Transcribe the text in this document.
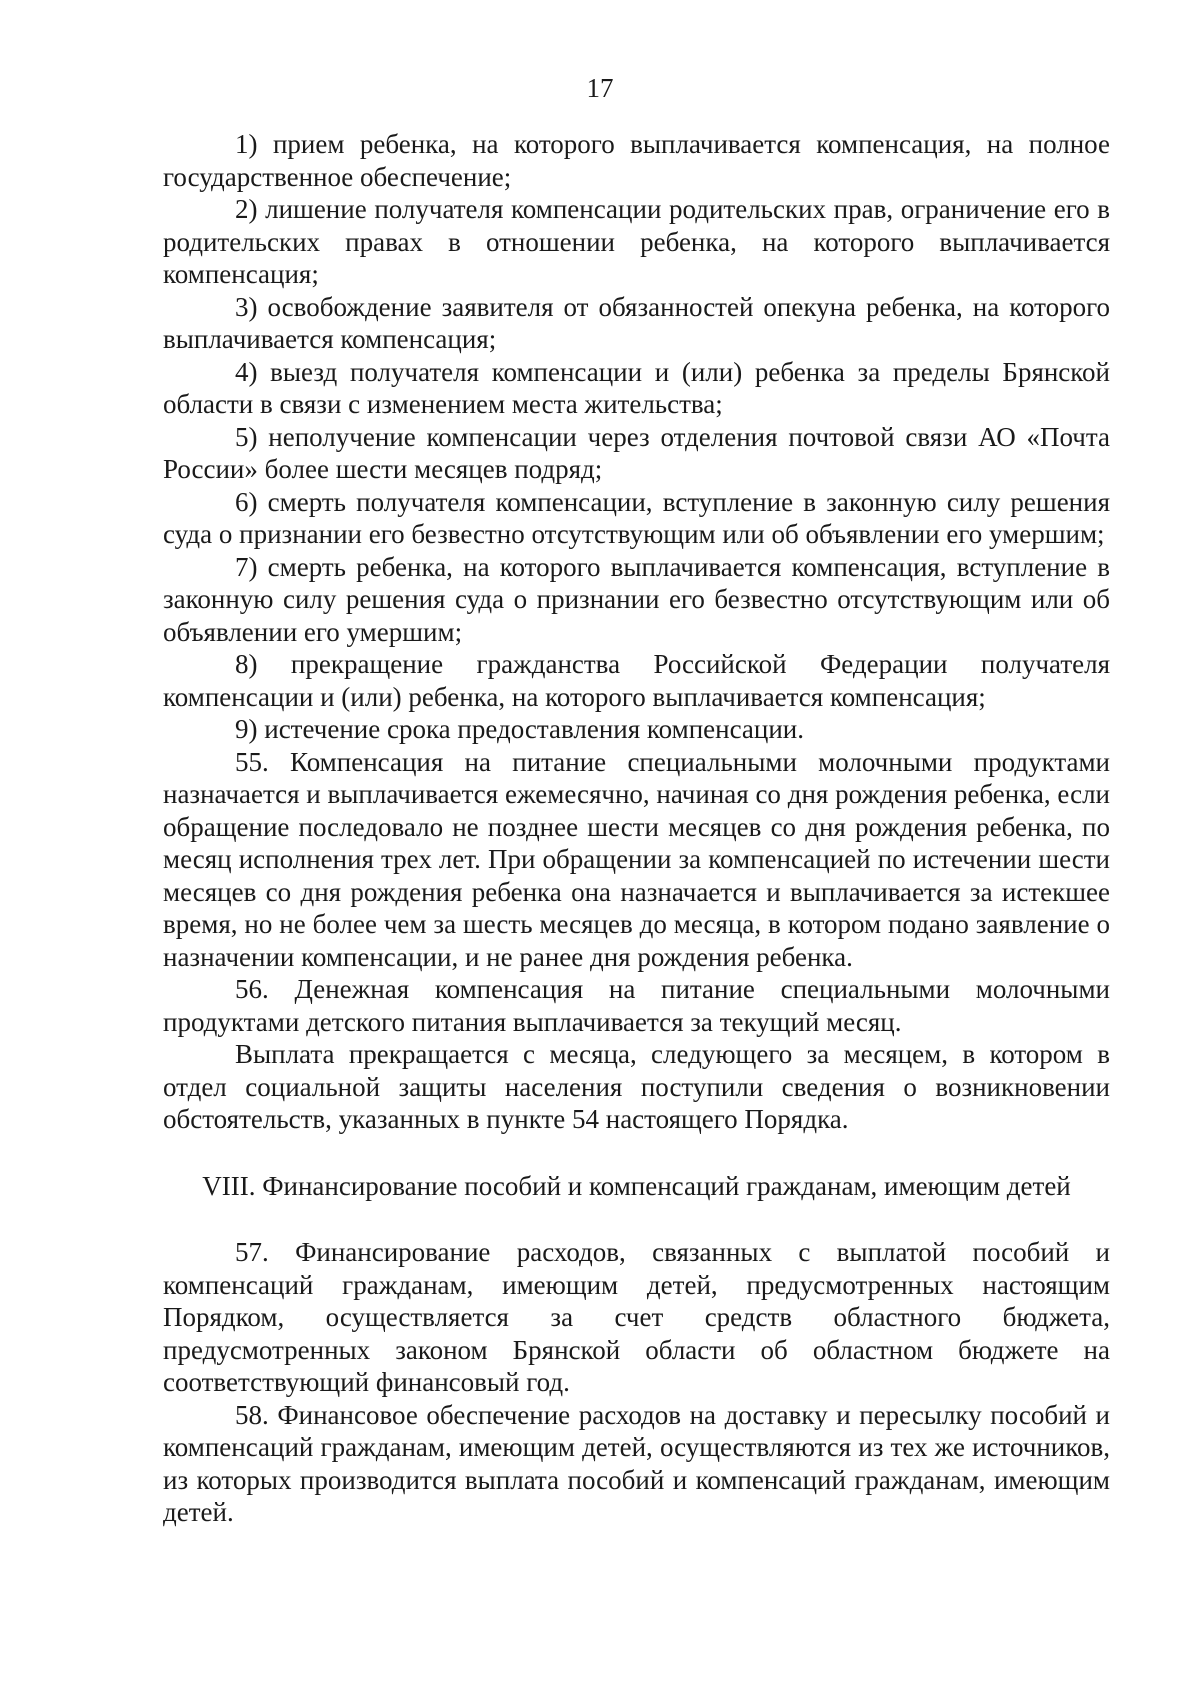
17

1) прием ребенка, на которого выплачивается компенсация, на полное государственное обеспечение;

2) лишение получателя компенсации родительских прав, ограничение его в родительских правах в отношении ребенка, на которого выплачивается компенсация;

3) освобождение заявителя от обязанностей опекуна ребенка, на которого выплачивается компенсация;

4) выезд получателя компенсации и (или) ребенка за пределы Брянской области в связи с изменением места жительства;

5) неполучение компенсации через отделения почтовой связи АО «Почта России» более шести месяцев подряд;

6) смерть получателя компенсации, вступление в законную силу решения суда о признании его безвестно отсутствующим или об объявлении его умершим;

7) смерть ребенка, на которого выплачивается компенсация, вступление в законную силу решения суда о признании его безвестно отсутствующим или об объявлении его умершим;

8) прекращение гражданства Российской Федерации получателя компенсации и (или) ребенка, на которого выплачивается компенсация;

9) истечение срока предоставления компенсации.

55. Компенсация на питание специальными молочными продуктами назначается и выплачивается ежемесячно, начиная со дня рождения ребенка, если обращение последовало не позднее шести месяцев со дня рождения ребенка, по месяц исполнения трех лет. При обращении за компенсацией по истечении шести месяцев со дня рождения ребенка она назначается и выплачивается за истекшее время, но не более чем за шесть месяцев до месяца, в котором подано заявление о назначении компенсации, и не ранее дня рождения ребенка.

56. Денежная компенсация на питание специальными молочными продуктами детского питания выплачивается за текущий месяц.

Выплата прекращается с месяца, следующего за месяцем, в котором в отдел социальной защиты населения поступили сведения о возникновении обстоятельств, указанных в пункте 54 настоящего Порядка.

VIII. Финансирование пособий и компенсаций гражданам, имеющим детей

57. Финансирование расходов, связанных с выплатой пособий и компенсаций гражданам, имеющим детей, предусмотренных настоящим Порядком, осуществляется за счет средств областного бюджета, предусмотренных законом Брянской области об областном бюджете на соответствующий финансовый год.

58. Финансовое обеспечение расходов на доставку и пересылку пособий и компенсаций гражданам, имеющим детей, осуществляются из тех же источников, из которых производится выплата пособий и компенсаций гражданам, имеющим детей.
